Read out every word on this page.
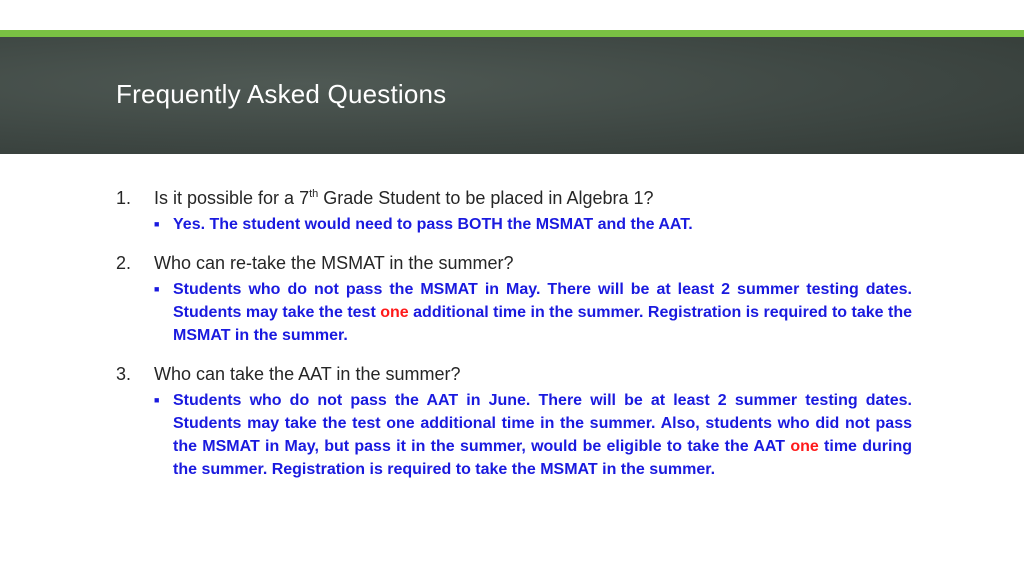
Frequently Asked Questions
1.	Is it possible for a 7th Grade Student to be placed in Algebra 1?
■ Yes. The student would need to pass BOTH the MSMAT and the AAT.
2.	Who can re-take the MSMAT in the summer?
■ Students who do not pass the MSMAT in May. There will be at least 2 summer testing dates. Students may take the test one additional time in the summer. Registration is required to take the MSMAT in the summer.
3.	Who can take the AAT in the summer?
■ Students who do not pass the AAT in June. There will be at least 2 summer testing dates. Students may take the test one additional time in the summer. Also, students who did not pass the MSMAT in May, but pass it in the summer, would be eligible to take the AAT one time during the summer. Registration is required to take the MSMAT in the summer.
